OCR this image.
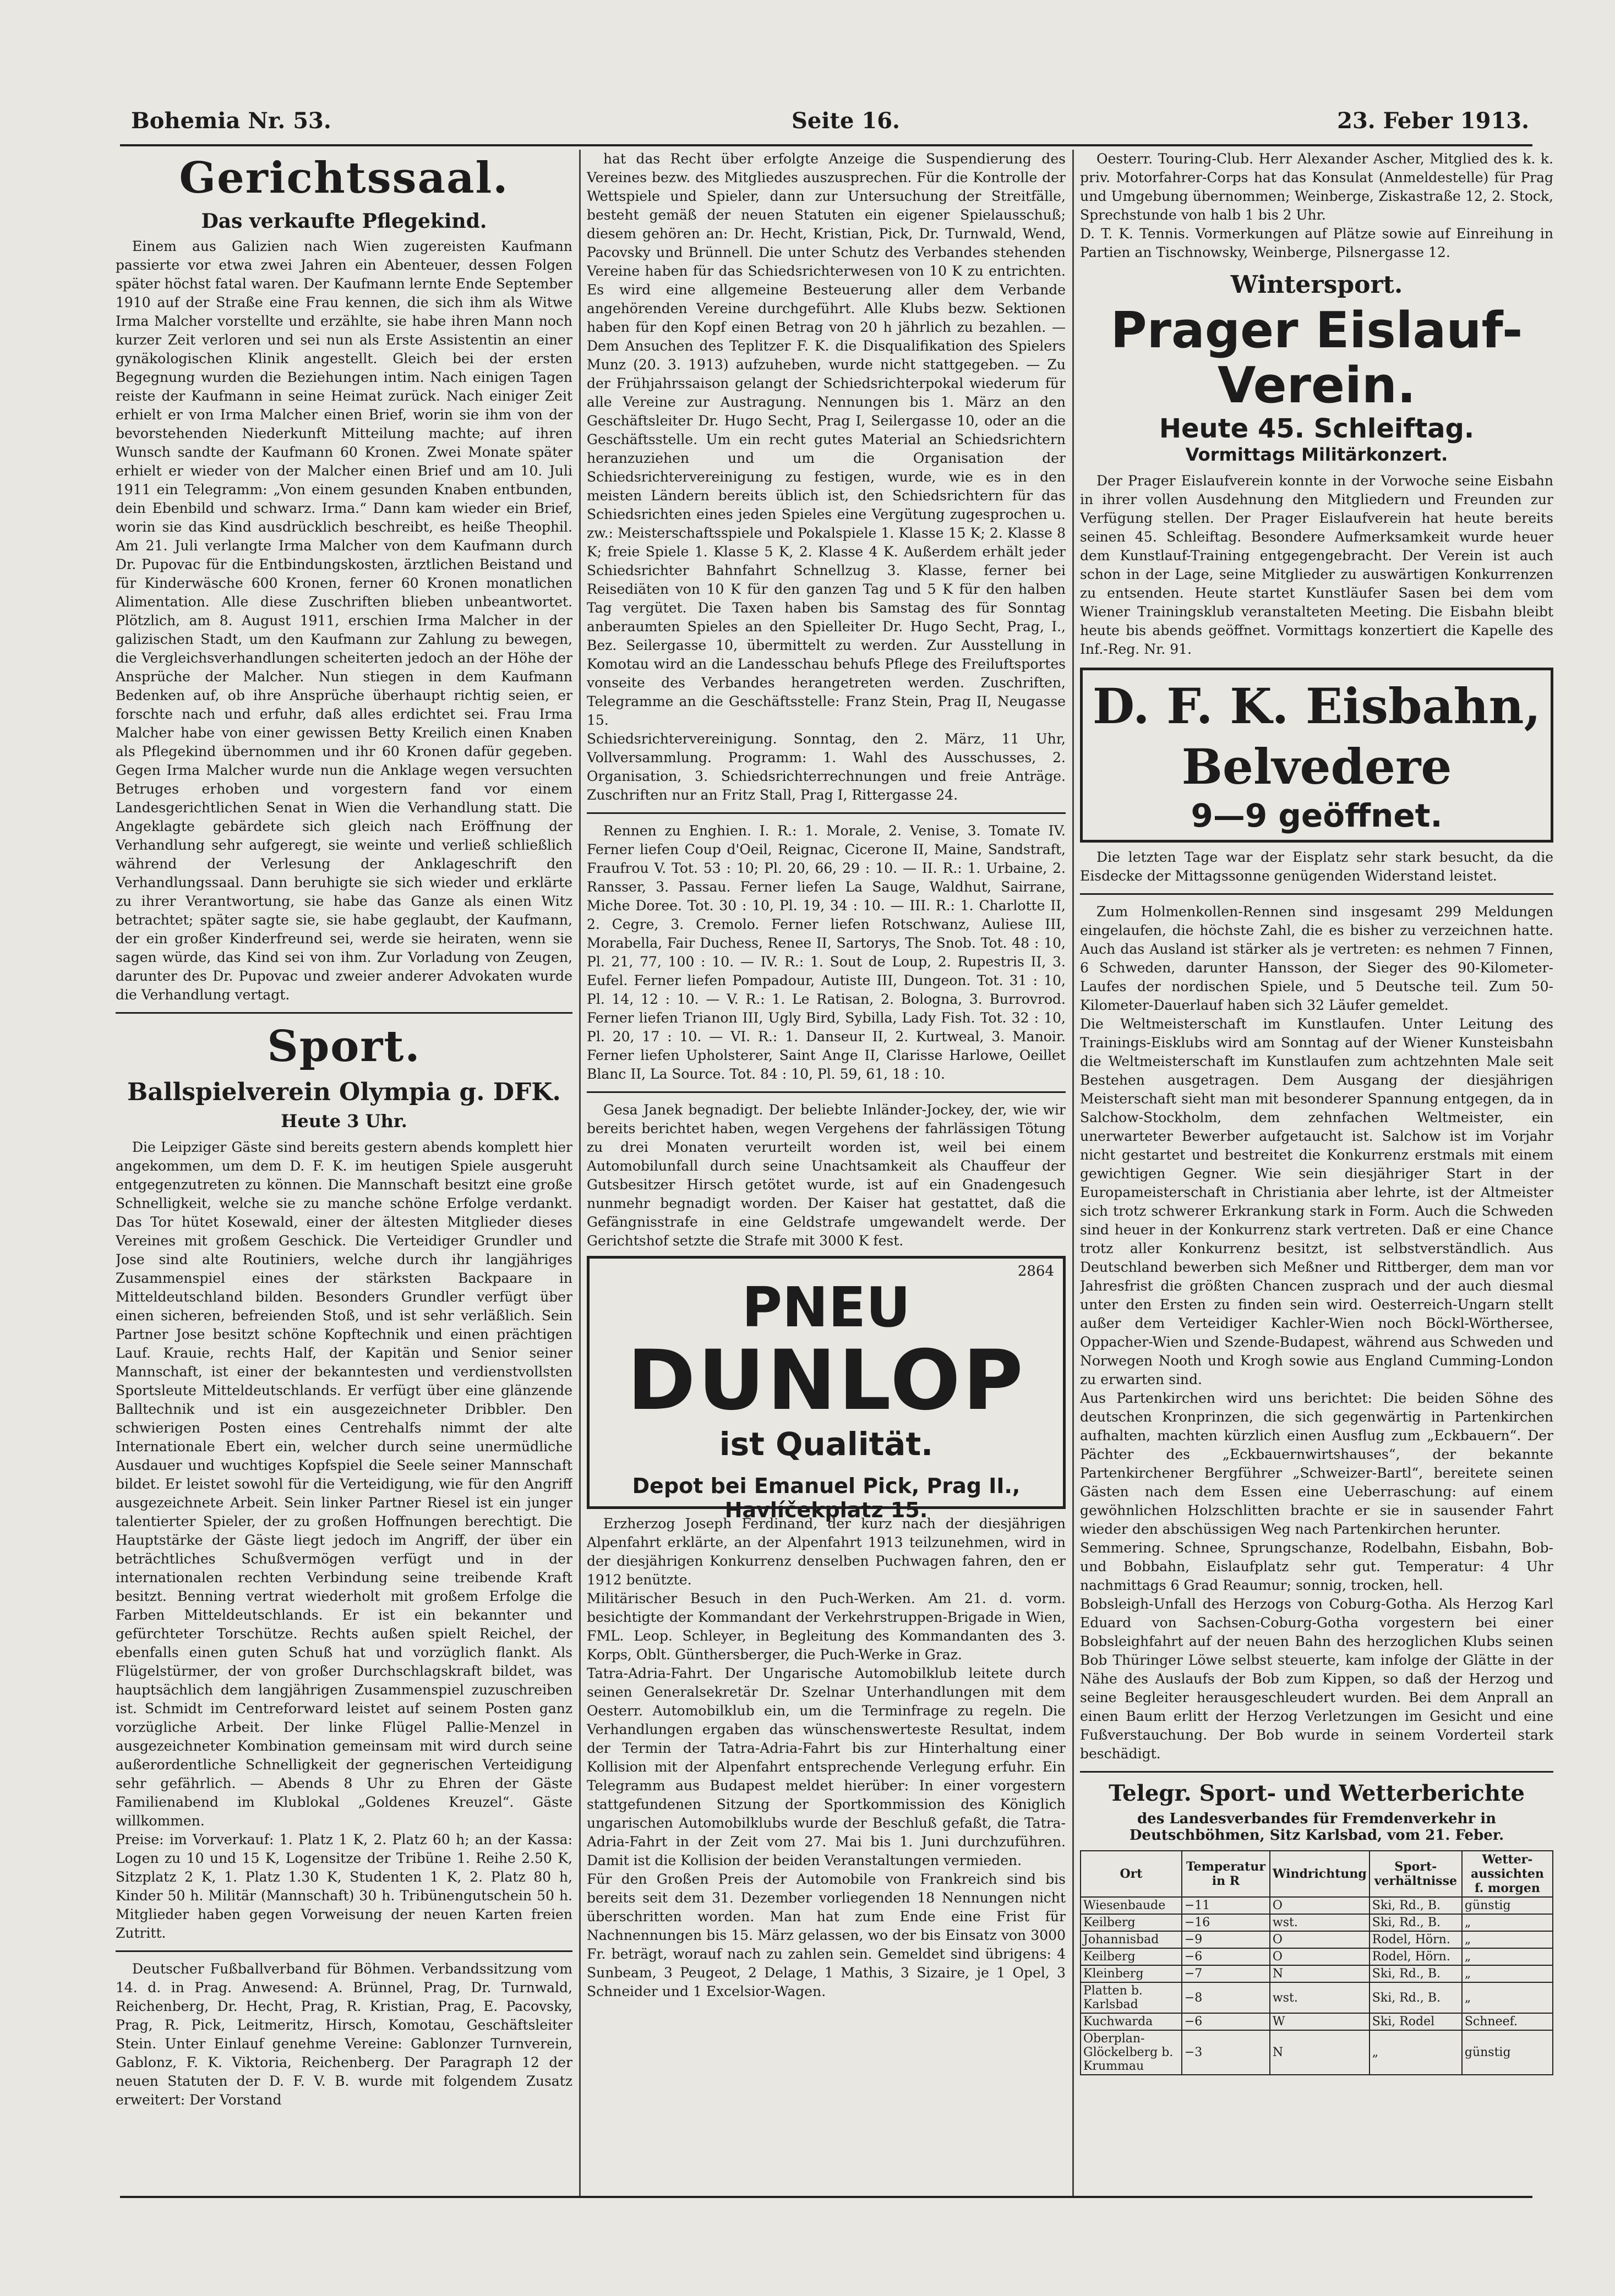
Bohemia Nr. 53.	Seite 16.	23. Feber 1913.
Gerichtssaal.
Das verkaufte Pflegekind.

Einem aus Galizien nach Wien zugereisten Kaufmann passierte vor etwa zwei Jahren ein Abenteuer, dessen Folgen später höchst fatal waren. Der Kaufmann lernte Ende September 1910 auf der Straße eine Frau kennen, die sich ihm als Witwe Irma Malcher vorstellte und erzählte, sie habe ihren Mann noch kurzer Zeit verloren und sei nun als Erste Assistentin an einer gynäkologischen Klinik angestellt. Gleich bei der ersten Begegnung wurden die Beziehungen intim. Nach einigen Tagen reiste der Kaufmann in seine Heimat zurück. Nach einiger Zeit erhielt er von Irma Malcher einen Brief, worin sie ihm von der bevorstehenden Niederkunft Mitteilung machte; auf ihren Wunsch sandte der Kaufmann 60 Kronen. Zwei Monate später erhielt er wieder von der Malcher einen Brief und am 10. Juli 1911 ein Telegramm: „Von einem gesunden Knaben entbunden, dein Ebenbild und schwarz. Irma.“ Dann kam wieder ein Brief, worin sie das Kind ausdrücklich beschreibt, es heiße Theophil. Am 21. Juli verlangte Irma Malcher von dem Kaufmann durch Dr. Pupovac für die Entbindungskosten, ärztlichen Beistand und für Kinderwäsche 600 Kronen, ferner 60 Kronen monatlichen Alimentation. Alle diese Zuschriften blieben unbeantwortet. Plötzlich, am 8. August 1911, erschien Irma Malcher in der galizischen Stadt, um den Kaufmann zur Zahlung zu bewegen, die Vergleichsverhandlungen scheiterten jedoch an der Höhe der Ansprüche der Malcher. Nun stiegen in dem Kaufmann Bedenken auf, ob ihre Ansprüche überhaupt richtig seien, er forschte nach und erfuhr, daß alles erdichtet sei. Frau Irma Malcher habe von einer gewissen Betty Kreilich einen Knaben als Pflegekind übernommen und ihr 60 Kronen dafür gegeben. Gegen Irma Malcher wurde nun die Anklage wegen versuchten Betruges erhoben und vorgestern fand vor einem Landesgerichtlichen Senat in Wien die Verhandlung statt. Die Angeklagte gebärdete sich gleich nach Eröffnung der Verhandlung sehr aufgeregt, sie weinte und verließ schließlich während der Verlesung der Anklageschrift den Verhandlungssaal. Dann beruhigte sie sich wieder und erklärte zu ihrer Verantwortung, sie habe das Ganze als einen Witz betrachtet; später sagte sie, sie habe geglaubt, der Kaufmann, der ein großer Kinderfreund sei, werde sie heiraten, wenn sie sagen würde, das Kind sei von ihm. Zur Vorladung von Zeugen, darunter des Dr. Pupovac und zweier anderer Advokaten wurde die Verhandlung vertagt.

Sport.
Ballspielverein Olympia g. DFK.
Heute 3 Uhr.

Die Leipziger Gäste sind bereits gestern abends komplett hier angekommen, um dem D. F. K. im heutigen Spiele ausgeruht entgegenzutreten zu können. Die Mannschaft besitzt eine große Schnelligkeit, welche sie zu manche schöne Erfolge verdankt. Das Tor hütet Kosewald, einer der ältesten Mitglieder dieses Vereines mit großem Geschick. Die Verteidiger Grundler und Jose sind alte Routiniers, welche durch ihr langjähriges Zusammenspiel eines der stärksten Backpaare in Mitteldeutschland bilden. Besonders Grundler verfügt über einen sicheren, befreienden Stoß, und ist sehr verläßlich. Sein Partner Jose besitzt schöne Kopftechnik und einen prächtigen Lauf. Krauie, rechts Half, der Kapitän und Senior seiner Mannschaft, ist einer der bekanntesten und verdienstvollsten Sportsleute Mitteldeutschlands. Er verfügt über eine glänzende Balltechnik und ist ein ausgezeichneter Dribbler. Den schwierigen Posten eines Centrehalfs nimmt der alte Internationale Ebert ein, welcher durch seine unermüdliche Ausdauer und wuchtiges Kopfspiel die Seele seiner Mannschaft bildet. Er leistet sowohl für die Verteidigung, wie für den Angriff ausgezeichnete Arbeit. Sein linker Partner Riesel ist ein junger talentierter Spieler, der zu großen Hoffnungen berechtigt. Die Hauptstärke der Gäste liegt jedoch im Angriff, der über ein beträchtliches Schußvermögen verfügt und in der internationalen rechten Verbindung seine treibende Kraft besitzt. Benning vertrat wiederholt mit großem Erfolge die Farben Mitteldeutschlands. Er ist ein bekannter und gefürchteter Torschütze. Rechts außen spielt Reichel, der ebenfalls einen guten Schuß hat und vorzüglich flankt. Als Flügelstürmer, der von großer Durchschlagskraft bildet, was hauptsächlich dem langjährigen Zusammenspiel zuzuschreiben ist. Schmidt im Centreforward leistet auf seinem Posten ganz vorzügliche Arbeit. Der linke Flügel Pallie-Menzel in ausgezeichneter Kombination gemeinsam mit wird durch seine außerordentliche Schnelligkeit der gegnerischen Verteidigung sehr gefährlich. — Abends 8 Uhr zu Ehren der Gäste Familienabend im Klublokal „Goldenes Kreuzel“. Gäste willkommen.
Preise: im Vorverkauf: 1. Platz 1 K, 2. Platz 60 h; an der Kassa: Logen zu 10 und 15 K, Logensitze der Tribüne 1. Reihe 2.50 K, Sitzplatz 2 K, 1. Platz 1.30 K, Studenten 1 K, 2. Platz 80 h, Kinder 50 h. Militär (Mannschaft) 30 h. Tribünengutschein 50 h. Mitglieder haben gegen Vorweisung der neuen Karten freien Zutritt.

Deutscher Fußballverband für Böhmen. Verbandssitzung vom 14. d. in Prag. Anwesend: A. Brünnel, Prag, Dr. Turnwald, Reichenberg, Dr. Hecht, Prag, R. Kristian, Prag, E. Pacovsky, Prag, R. Pick, Leitmeritz, Hirsch, Komotau, Geschäftsleiter Stein. Unter Einlauf genehme Vereine: Gablonzer Turnverein, Gablonz, F. K. Viktoria, Reichenberg. Der Paragraph 12 der neuen Statuten der D. F. V. B. wurde mit folgendem Zusatz erweitert: Der Vorstand

hat das Recht über erfolgte Anzeige die Suspendierung des Vereines bezw. des Mitgliedes auszusprechen. Für die Kontrolle der Wettspiele und Spieler, dann zur Untersuchung der Streitfälle, besteht gemäß der neuen Statuten ein eigener Spielausschuß; diesem gehören an: Dr. Hecht, Kristian, Pick, Dr. Turnwald, Wend, Pacovsky und Brünnell. Die unter Schutz des Verbandes stehenden Vereine haben für das Schiedsrichterwesen von 10 K zu entrichten. Es wird eine allgemeine Besteuerung aller dem Verbande angehörenden Vereine durchgeführt. Alle Klubs bezw. Sektionen haben für den Kopf einen Betrag von 20 h jährlich zu bezahlen. — Dem Ansuchen des Teplitzer F. K. die Disqualifikation des Spielers Munz (20. 3. 1913) aufzuheben, wurde nicht stattgegeben. — Zu der Frühjahrssaison gelangt der Schiedsrichterpokal wiederum für alle Vereine zur Austragung. Nennungen bis 1. März an den Geschäftsleiter Dr. Hugo Secht, Prag I, Seilergasse 10, oder an die Geschäftsstelle. Um ein recht gutes Material an Schiedsrichtern heranzuziehen und um die Organisation der Schiedsrichtervereinigung zu festigen, wurde, wie es in den meisten Ländern bereits üblich ist, den Schiedsrichtern für das Schiedsrichten eines jeden Spieles eine Vergütung zugesprochen u. zw.: Meisterschaftsspiele und Pokalspiele 1. Klasse 15 K; 2. Klasse 8 K; freie Spiele 1. Klasse 5 K, 2. Klasse 4 K. Außerdem erhält jeder Schiedsrichter Bahnfahrt Schnellzug 3. Klasse, ferner bei Reisediäten von 10 K für den ganzen Tag und 5 K für den halben Tag vergütet. Die Taxen haben bis Samstag des für Sonntag anberaumten Spieles an den Spielleiter Dr. Hugo Secht, Prag, I., Bez. Seilergasse 10, übermittelt zu werden. Zur Ausstellung in Komotau wird an die Landesschau behufs Pflege des Freiluftsportes vonseite des Verbandes herangetreten werden. Zuschriften, Telegramme an die Geschäftsstelle: Franz Stein, Prag II, Neugasse 15.
Schiedsrichtervereinigung. Sonntag, den 2. März, 11 Uhr, Vollversammlung. Programm: 1. Wahl des Ausschusses, 2. Organisation, 3. Schiedsrichterrechnungen und freie Anträge. Zuschriften nur an Fritz Stall, Prag I, Rittergasse 24.

Rennen zu Enghien. I. R.: 1. Morale, 2. Venise, 3. Tomate IV. Ferner liefen Coup d'Oeil, Reignac, Cicerone II, Maine, Sandstraft, Fraufrou V. Tot. 53 : 10; Pl. 20, 66, 29 : 10. — II. R.: 1. Urbaine, 2. Ransser, 3. Passau. Ferner liefen La Sauge, Waldhut, Sairrane, Miche Doree. Tot. 30 : 10, Pl. 19, 34 : 10. — III. R.: 1. Charlotte II, 2. Cegre, 3. Cremolo. Ferner liefen Rotschwanz, Auliese III, Morabella, Fair Duchess, Renee II, Sartorys, The Snob. Tot. 48 : 10, Pl. 21, 77, 100 : 10. — IV. R.: 1. Sout de Loup, 2. Rupestris II, 3. Eufel. Ferner liefen Pompadour, Autiste III, Dungeon. Tot. 31 : 10, Pl. 14, 12 : 10. — V. R.: 1. Le Ratisan, 2. Bologna, 3. Burrovrod. Ferner liefen Trianon III, Ugly Bird, Sybilla, Lady Fish. Tot. 32 : 10, Pl. 20, 17 : 10. — VI. R.: 1. Danseur II, 2. Kurtweal, 3. Manoir. Ferner liefen Upholsterer, Saint Ange II, Clarisse Harlowe, Oeillet Blanc II, La Source. Tot. 84 : 10, Pl. 59, 61, 18 : 10.

Gesa Janek begnadigt. Der beliebte Inländer-Jockey, der, wie wir bereits berichtet haben, wegen Vergehens der fahrlässigen Tötung zu drei Monaten verurteilt worden ist, weil bei einem Automobilunfall durch seine Unachtsamkeit als Chauffeur der Gutsbesitzer Hirsch getötet wurde, ist auf ein Gnadengesuch nunmehr begnadigt worden. Der Kaiser hat gestattet, daß die Gefängnisstrafe in eine Geldstrafe umgewandelt werde. Der Gerichtshof setzte die Strafe mit 3000 K fest.

2864
PNEU
DUNLOP
ist Qualität.
Depot bei Emanuel Pick, Prag II., Havlíčekplatz 15.

Erzherzog Joseph Ferdinand, der kurz nach der diesjährigen Alpenfahrt erklärte, an der Alpenfahrt 1913 teilzunehmen, wird in der diesjährigen Konkurrenz denselben Puchwagen fahren, den er 1912 benützte.
Militärischer Besuch in den Puch-Werken. Am 21. d. vorm. besichtigte der Kommandant der Verkehrstruppen-Brigade in Wien, FML. Leop. Schleyer, in Begleitung des Kommandanten des 3. Korps, Oblt. Günthersberger, die Puch-Werke in Graz.
Tatra-Adria-Fahrt. Der Ungarische Automobilklub leitete durch seinen Generalsekretär Dr. Szelnar Unterhandlungen mit dem Oesterr. Automobilklub ein, um die Terminfrage zu regeln. Die Verhandlungen ergaben das wünschenswerteste Resultat, indem der Termin der Tatra-Adria-Fahrt bis zur Hinterhaltung einer Kollision mit der Alpenfahrt entsprechende Verlegung erfuhr. Ein Telegramm aus Budapest meldet hierüber: In einer vorgestern stattgefundenen Sitzung der Sportkommission des Königlich ungarischen Automobilklubs wurde der Beschluß gefaßt, die Tatra-Adria-Fahrt in der Zeit vom 27. Mai bis 1. Juni durchzuführen. Damit ist die Kollision der beiden Veranstaltungen vermieden.
Für den Großen Preis der Automobile von Frankreich sind bis bereits seit dem 31. Dezember vorliegenden 18 Nennungen nicht überschritten worden. Man hat zum Ende eine Frist für Nachnennungen bis 15. März gelassen, wo der bis Einsatz von 3000 Fr. beträgt, worauf nach zu zahlen sein. Gemeldet sind übrigens: 4 Sunbeam, 3 Peugeot, 2 Delage, 1 Mathis, 3 Sizaire, je 1 Opel, 3 Schneider und 1 Excelsior-Wagen.

Oesterr. Touring-Club. Herr Alexander Ascher, Mitglied des k. k. priv. Motorfahrer-Corps hat das Konsulat (Anmeldestelle) für Prag und Umgebung übernommen; Weinberge, Ziskastraße 12, 2. Stock, Sprechstunde von halb 1 bis 2 Uhr.
D. T. K. Tennis. Vormerkungen auf Plätze sowie auf Einreihung in Partien an Tischnowsky, Weinberge, Pilsnergasse 12.

Wintersport.
Prager Eislauf-Verein.
Heute 45. Schleiftag.
Vormittags Militärkonzert.

Der Prager Eislaufverein konnte in der Vorwoche seine Eisbahn in ihrer vollen Ausdehnung den Mitgliedern und Freunden zur Verfügung stellen. Der Prager Eislaufverein hat heute bereits seinen 45. Schleiftag. Besondere Aufmerksamkeit wurde heuer dem Kunstlauf-Training entgegengebracht. Der Verein ist auch schon in der Lage, seine Mitglieder zu auswärtigen Konkurrenzen zu entsenden. Heute startet Kunstläufer Sasen bei dem vom Wiener Trainingsklub veranstalteten Meeting. Die Eisbahn bleibt heute bis abends geöffnet. Vormittags konzertiert die Kapelle des Inf.-Reg. Nr. 91.

D. F. K. Eisbahn, Belvedere
9—9 geöffnet.

Die letzten Tage war der Eisplatz sehr stark besucht, da die Eisdecke der Mittagssonne genügenden Widerstand leistet.

Zum Holmenkollen-Rennen sind insgesamt 299 Meldungen eingelaufen, die höchste Zahl, die es bisher zu verzeichnen hatte. Auch das Ausland ist stärker als je vertreten: es nehmen 7 Finnen, 6 Schweden, darunter Hansson, der Sieger des 90-Kilometer-Laufes der nordischen Spiele, und 5 Deutsche teil. Zum 50-Kilometer-Dauerlauf haben sich 32 Läufer gemeldet.
Die Weltmeisterschaft im Kunstlaufen. Unter Leitung des Trainings-Eisklubs wird am Sonntag auf der Wiener Kunsteisbahn die Weltmeisterschaft im Kunstlaufen zum achtzehnten Male seit Bestehen ausgetragen. Dem Ausgang der diesjährigen Meisterschaft sieht man mit besonderer Spannung entgegen, da in Salchow-Stockholm, dem zehnfachen Weltmeister, ein unerwarteter Bewerber aufgetaucht ist. Salchow ist im Vorjahr nicht gestartet und bestreitet die Konkurrenz erstmals mit einem gewichtigen Gegner. Wie sein diesjähriger Start in der Europameisterschaft in Christiania aber lehrte, ist der Altmeister sich trotz schwerer Erkrankung stark in Form. Auch die Schweden sind heuer in der Konkurrenz stark vertreten. Daß er eine Chance trotz aller Konkurrenz besitzt, ist selbstverständlich. Aus Deutschland bewerben sich Meßner und Rittberger, dem man vor Jahresfrist die größten Chancen zusprach und der auch diesmal unter den Ersten zu finden sein wird. Oesterreich-Ungarn stellt außer dem Verteidiger Kachler-Wien noch Böckl-Wörthersee, Oppacher-Wien und Szende-Budapest, während aus Schweden und Norwegen Nooth und Krogh sowie aus England Cumming-London zu erwarten sind.
Aus Partenkirchen wird uns berichtet: Die beiden Söhne des deutschen Kronprinzen, die sich gegenwärtig in Partenkirchen aufhalten, machten kürzlich einen Ausflug zum „Eckbauern“. Der Pächter des „Eckbauernwirtshauses“, der bekannte Partenkirchener Bergführer „Schweizer-Bartl“, bereitete seinen Gästen nach dem Essen eine Ueberraschung: auf einem gewöhnlichen Holzschlitten brachte er sie in sausender Fahrt wieder den abschüssigen Weg nach Partenkirchen herunter.
Semmering. Schnee, Sprungschanze, Rodelbahn, Eisbahn, Bob- und Bobbahn, Eislaufplatz sehr gut. Temperatur: 4 Uhr nachmittags 6 Grad Reaumur; sonnig, trocken, hell.
Bobsleigh-Unfall des Herzogs von Coburg-Gotha. Als Herzog Karl Eduard von Sachsen-Coburg-Gotha vorgestern bei einer Bobsleighfahrt auf der neuen Bahn des herzoglichen Klubs seinen Bob Thüringer Löwe selbst steuerte, kam infolge der Glätte in der Nähe des Auslaufs der Bob zum Kippen, so daß der Herzog und seine Begleiter herausgeschleudert wurden. Bei dem Anprall an einen Baum erlitt der Herzog Verletzungen im Gesicht und eine Fußverstauchung. Der Bob wurde in seinem Vorderteil stark beschädigt.

Telegr. Sport- und Wetterberichte
des Landesverbandes für Fremdenverkehr in Deutschböhmen, Sitz Karlsbad, vom 21. Feber.
Ort	Temperatur in R	Windrichtung	Sport-verhältnisse	Wetter-aussichten f. morgen
Wiesenbaude	−11	O	Ski, Rd., B.	günstig
Keilberg	−16	wst.	Ski, Rd., B.	„
Johannisbad	−9	O	Rodel, Hörn.	„
Keilberg	−6	O	Rodel, Hörn.	„
Kleinberg	−7	N	Ski, Rd., B.	„
Platten b. Karlsbad	−8	wst.	Ski, Rd., B.	„
Kuchwarda	−6	W	Ski, Rodel	Schneef.
Oberplan-Glöckelberg b. Krummau	−3	N	„	günstig
